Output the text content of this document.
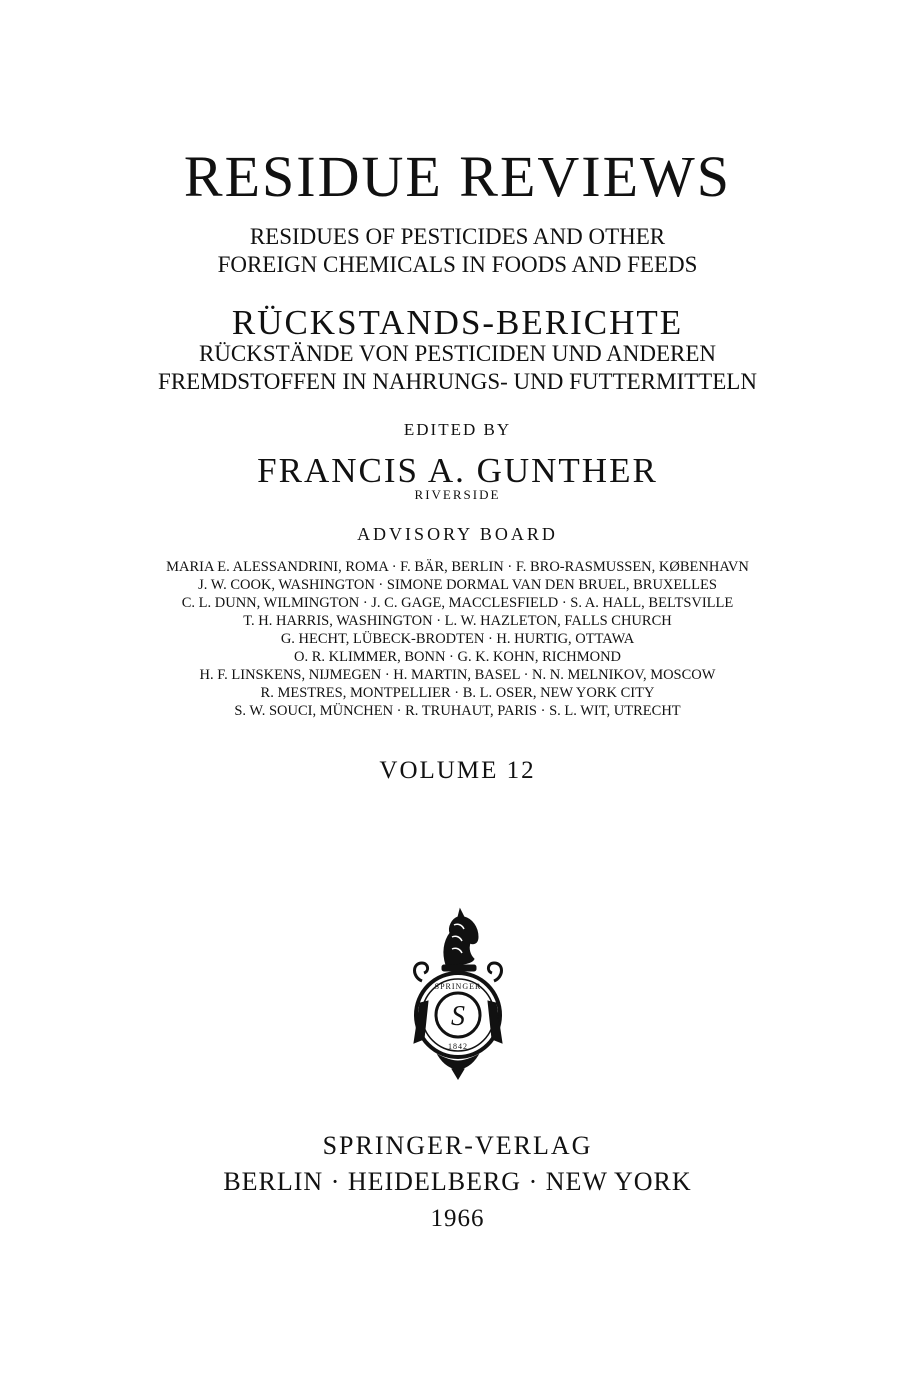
RESIDUE REVIEWS
RESIDUES OF PESTICIDES AND OTHER
FOREIGN CHEMICALS IN FOODS AND FEEDS
RÜCKSTANDS-BERICHTE
RÜCKSTÄNDE VON PESTICIDEN UND ANDEREN
FREMDSTOFFEN IN NAHRUNGS- UND FUTTERMITTELN
EDITED BY
FRANCIS A. GUNTHER
RIVERSIDE
ADVISORY BOARD
MARIA E. ALESSANDRINI, ROMA · F. BÄR, BERLIN · F. BRO-RASMUSSEN, KØBENHAVN
J. W. COOK, WASHINGTON · SIMONE DORMAL VAN DEN BRUEL, BRUXELLES
C. L. DUNN, WILMINGTON · J. C. GAGE, MACCLESFIELD · S. A. HALL, BELTSVILLE
T. H. HARRIS, WASHINGTON · L. W. HAZLETON, FALLS CHURCH
G. HECHT, LÜBECK-BRODTEN · H. HURTIG, OTTAWA
O. R. KLIMMER, BONN · G. K. KOHN, RICHMOND
H. F. LINSKENS, NIJMEGEN · H. MARTIN, BASEL · N. N. MELNIKOV, MOSCOW
R. MESTRES, MONTPELLIER · B. L. OSER, NEW YORK CITY
S. W. SOUCI, MÜNCHEN · R. TRUHAUT, PARIS · S. L. WIT, UTRECHT
VOLUME 12
S
SPRINGER
1842
SPRINGER-VERLAG
BERLIN · HEIDELBERG · NEW YORK
1966
